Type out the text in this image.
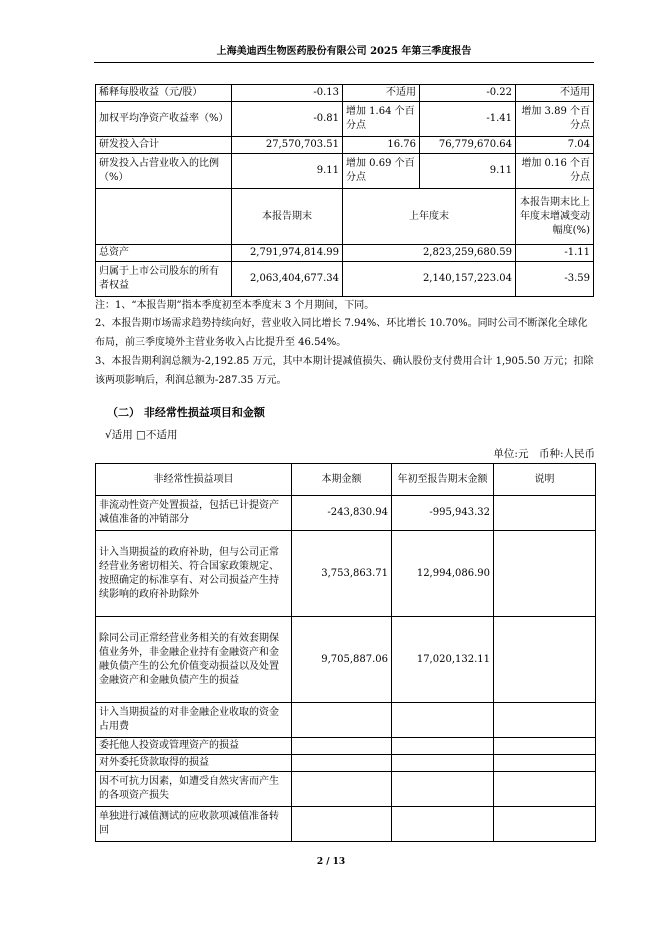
上海美迪西生物医药股份有限公司 2025 年第三季度报告
稀释每股收益（元/股）	-0.13	不适用	-0.22	不适用
加权平均净资产收益率（%）	-0.81	增加 1.64 个百分点	-1.41	增加 3.89 个百分点
研发投入合计	27,570,703.51	16.76	76,779,670.64	7.04
研发投入占营业收入的比例（%）	9.11	增加 0.69 个百分点	9.11	增加 0.16 个百分点
	本报告期末	上年度末		本报告期末比上年度末增减变动幅度(%)
总资产	2,791,974,814.99	2,823,259,680.59		-1.11
归属于上市公司股东的所有者权益	2,063,404,677.34	2,140,157,223.04		-3.59
注：1、“本报告期”指本季度初至本季度末 3 个月期间，下同。
2、本报告期市场需求趋势持续向好，营业收入同比增长 7.94%、环比增长 10.70%。同时公司不断深化全球化布局，前三季度境外主营业务收入占比提升至 46.54%。
3、本报告期利润总额为-2,192.85 万元，其中本期计提减值损失、确认股份支付费用合计 1,905.50 万元；扣除该两项影响后，利润总额为-287.35 万元。
（二） 非经常性损益项目和金额
√适用 □不适用
单位:元　币种:人民币
非经常性损益项目	本期金额	年初至报告期末金额	说明
非流动性资产处置损益，包括已计提资产减值准备的冲销部分	-243,830.94	-995,943.32	
计入当期损益的政府补助，但与公司正常经营业务密切相关、符合国家政策规定、按照确定的标准享有、对公司损益产生持续影响的政府补助除外	3,753,863.71	12,994,086.90	
除同公司正常经营业务相关的有效套期保值业务外，非金融企业持有金融资产和金融负债产生的公允价值变动损益以及处置金融资产和金融负债产生的损益	9,705,887.06	17,020,132.11	
计入当期损益的对非金融企业收取的资金占用费			
委托他人投资或管理资产的损益			
对外委托贷款取得的损益			
因不可抗力因素，如遭受自然灾害而产生的各项资产损失			
单独进行减值测试的应收款项减值准备转回			
2 / 13
